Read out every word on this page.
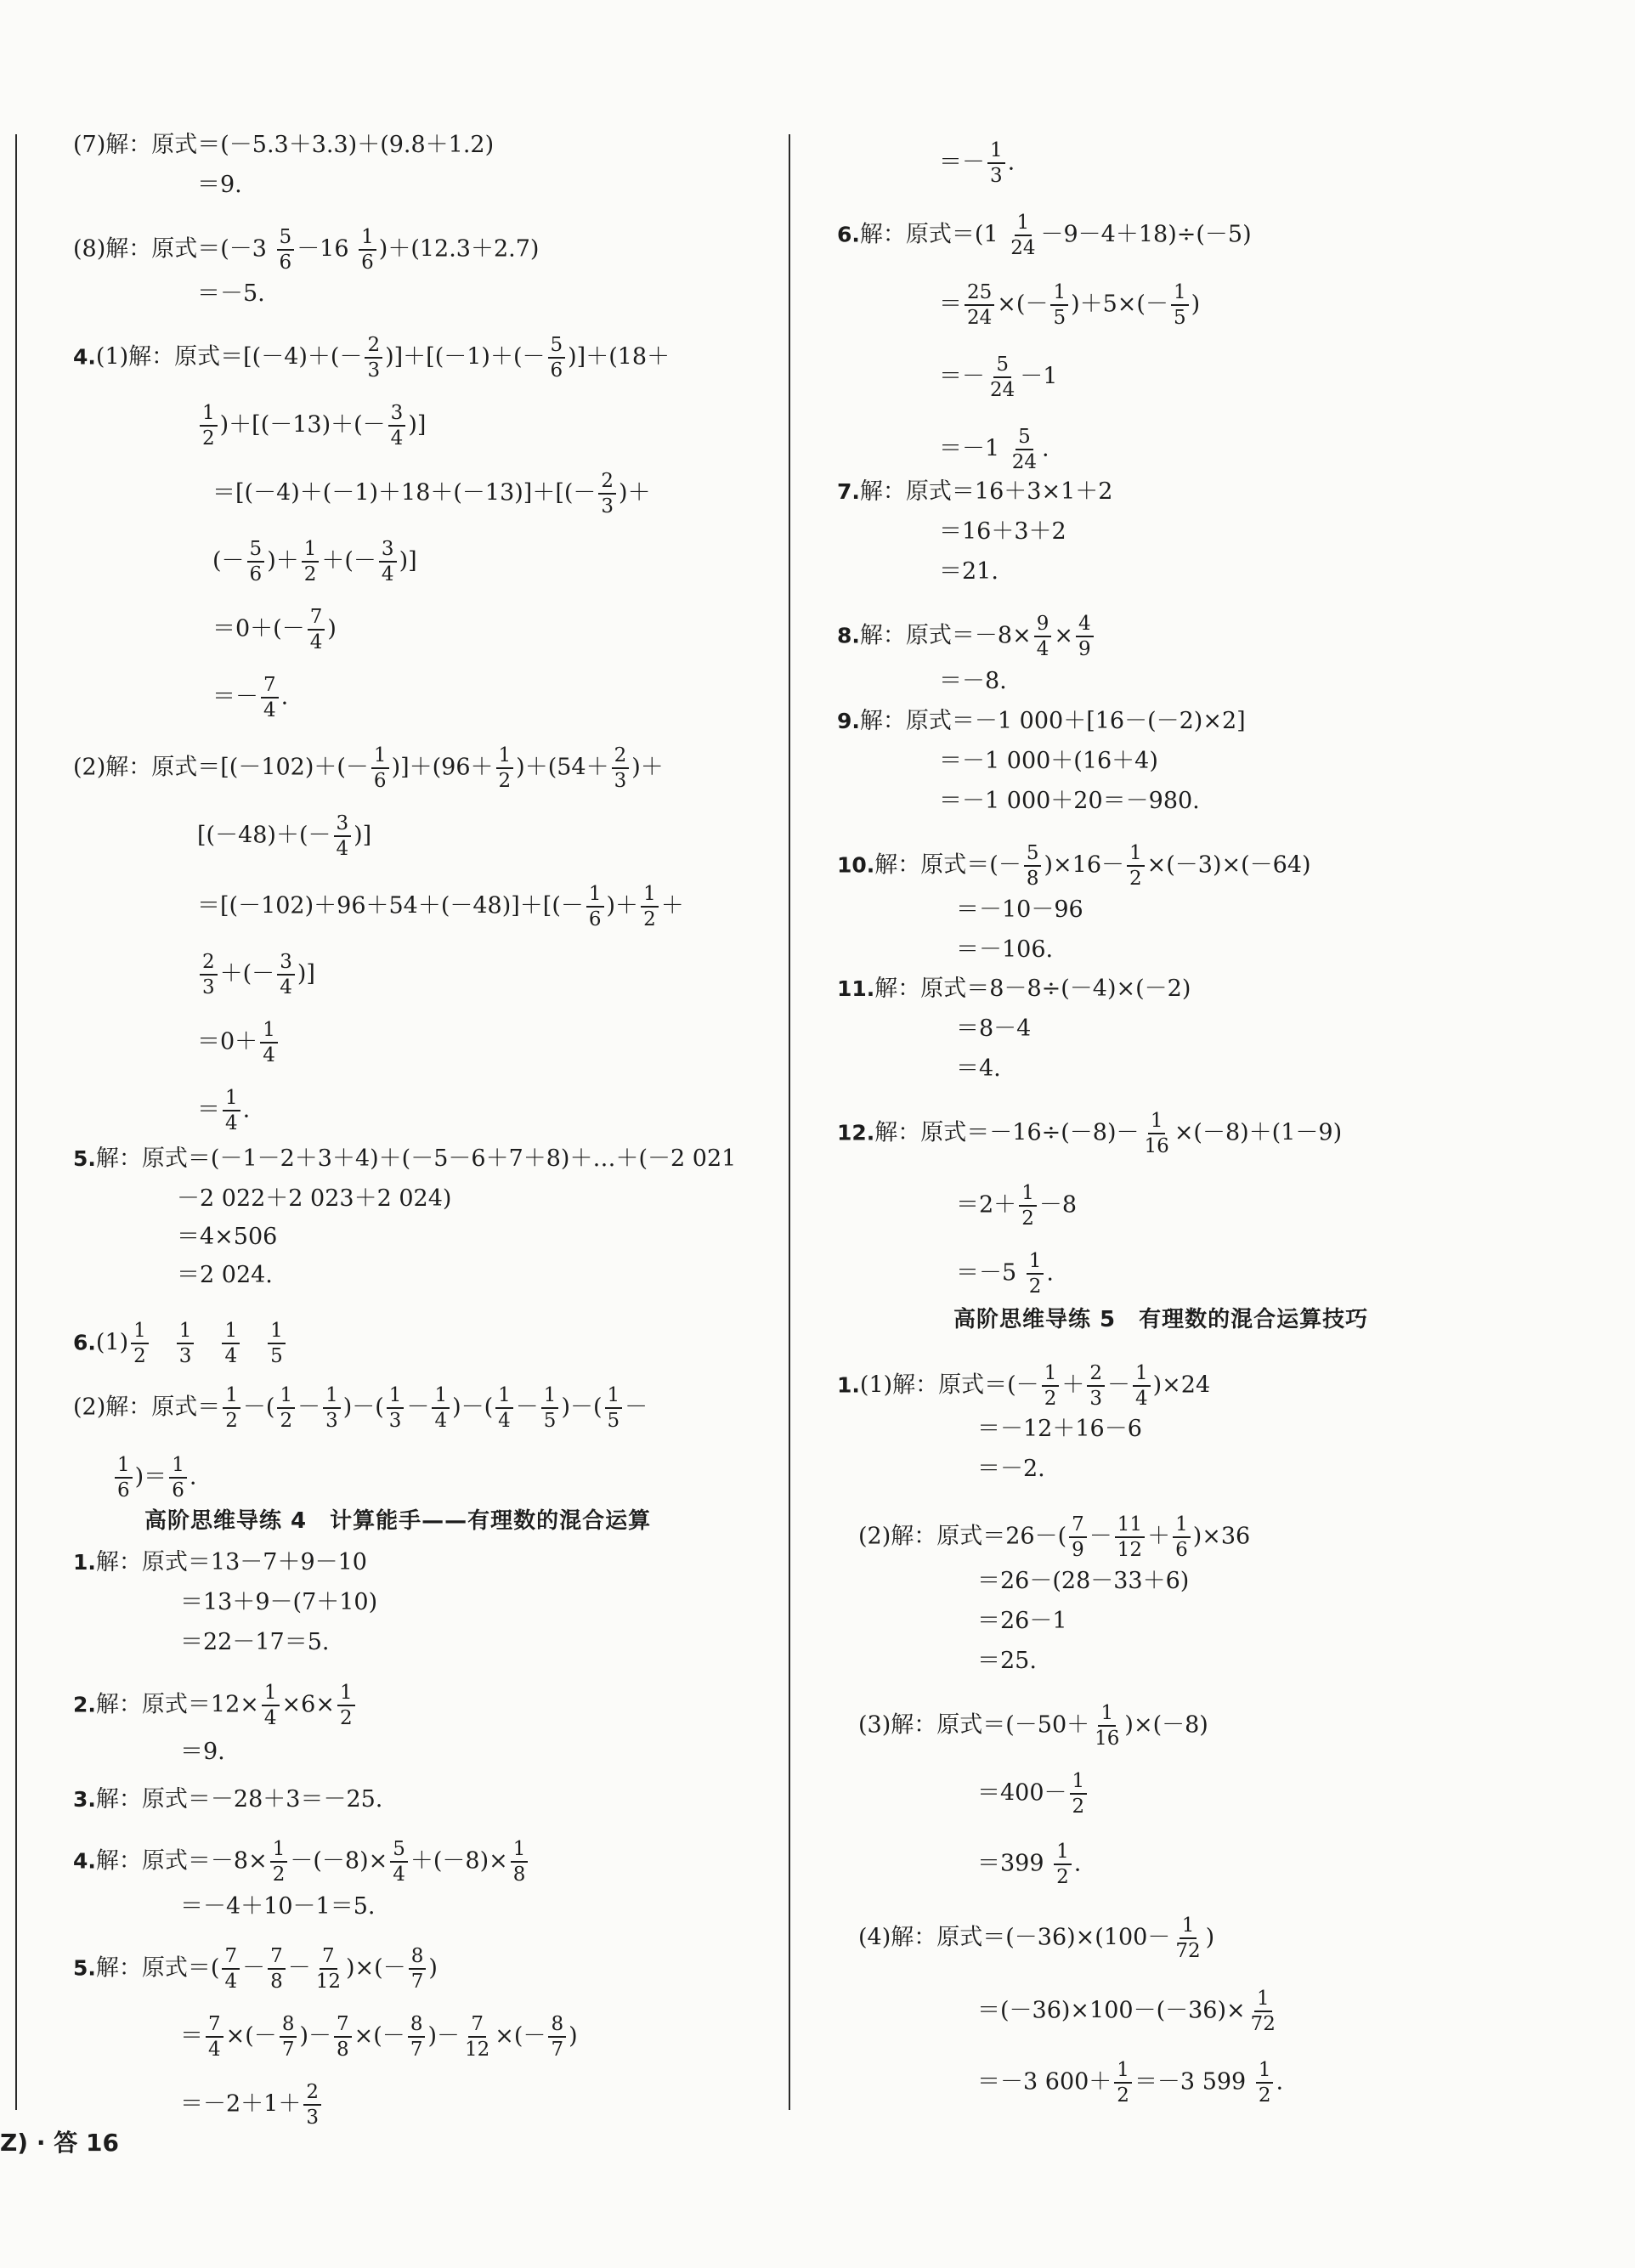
(7)解：原式＝(－5.3＋3.3)＋(9.8＋1.2)
＝9.
(8)解：原式$=(-3 \frac{5}{6} -16 \frac{1}{6} )+(12.3+2.7)$
＝－5.
4.(1)解：原式$=[(-4)+(- \frac{2}{3} )]+[(-1)+(- \frac{5}{6} )]+(18+$
$\frac{1}{2} )+[(-13)+(- \frac{3}{4}$ )]
$=[(-4)+(-1)+18+(-13)]+[(- \frac{2}{3}$ )＋
(－ $\frac{5}{6}$ )＋ $\frac{1}{2}$ ＋(－ $\frac{3}{4}$ )]
$=0+(- \frac{7}{4}$ )
＝－ $\frac{7}{4}$ .
(2)解：原式$=[(-102)+(- \frac{1}{6} )]+(96+ \frac{1}{2} )+(54+ \frac{2}{3}$ )＋
[$(-48)+(- \frac{3}{4}$ )]
$=[(-102)+96+54+(-48)]+[(- \frac{1}{6}$ )＋ $\frac{1}{2}$ ＋
$\frac{2}{3}$ ＋(－ $\frac{3}{4}$ )]
$=0+ \frac{1}{4}$
＝ $\frac{1}{4}$ .
5.解：原式＝(－1－2＋3＋4)＋(－5－6＋7＋8)＋…＋(－2 021
－2 022＋2 023＋2 024)
＝4×506
＝2 024.
$6.(1) \frac{1}{2}$
　 $\frac{1}{3}$
　 $\frac{1}{4}$
　 $\frac{1}{5}$
(2)解：原式＝ $\frac{1}{2}$ －( $\frac{1}{2} - \frac{1}{3}$ )－( $\frac{1}{3} - \frac{1}{4}$ )－( $\frac{1}{4} - \frac{1}{5}$ )－( $\frac{1}{5}$ －
$\frac{1}{6}$ )＝ $\frac{1}{6}$ .
高阶思维导练 4　计算能手——有理数的混合运算
1.解：原式＝13－7＋9－10
＝13＋9－(7＋10)
＝22－17＝5.
2.解：原式$=12\times \frac{1}{4} \times 6\times \frac{1}{2}$
＝9.
3.解：原式＝－28＋3＝－25.
4.解：原式$=-8\times \frac{1}{2} -(-8)\times \frac{5}{4} +(-8)\times \frac{1}{8}$
＝－4＋10－1＝5.
5.解：原式＝( $\frac{7}{4} - \frac{7}{8} - \frac{7}{12}$ )×(－ $\frac{8}{7}$ )
＝ $\frac{7}{4}$ ×(－ $\frac{8}{7}$ )－ $\frac{7}{8}$ ×(－ $\frac{8}{7}$ )－ $\frac{7}{12}$ ×(－ $\frac{8}{7}$ )
$=-2+1+ \frac{2}{3}$
＝－ $\frac{1}{3}$ .
6.解：原式$=(1 \frac{1}{24} -9-4+18)\div(-5)$
＝ $\frac{25}{24}$ ×(－ $\frac{1}{5} )+5\times(- \frac{1}{5}$ )
＝－ $\frac{5}{24} -1$
$=-1 \frac{5}{24}$ .
7.解：原式＝16＋3×1＋2
＝16＋3＋2
＝21.
8.解：原式$=-8\times \frac{9}{4} \times \frac{4}{9}$
＝－8.
9.解：原式＝－1 000＋[16－(－2)×2]
＝－1 000＋(16＋4)
＝－1 000＋20＝－980.
10.解：原式＝(－ $\frac{5}{8} )\times 16- \frac{1}{2} \times(-3)\times(-64)$
＝－10－96
＝－106.
11.解：原式＝8－8÷(－4)×(－2)
＝8－4
＝4.
12.解：原式$=-16\div(-8)- \frac{1}{16} \times(-8)+(1-9)$
$=2+ \frac{1}{2} -8$
$=-5 \frac{1}{2}$ .
高阶思维导练 5　有理数的混合运算技巧
1.(1)解：原式＝(－ $\frac{1}{2} + \frac{2}{3} - \frac{1}{4} )\times 24$
＝－12＋16－6
＝－2.
(2)解：原式$=26-( \frac{7}{9} - \frac{11}{12} + \frac{1}{6} )\times 36$
＝26－(28－33＋6)
＝26－1
＝25.
(3)解：原式$=(-50+ \frac{1}{16} )\times(-8)$
$=400- \frac{1}{2}$
$=399 \frac{1}{2}$ .
(4)解：原式$=(-36)\times(100- \frac{1}{72}$ )
$=(-36)\times 100-(-36)\times \frac{1}{72}$
＝－3 $600+ \frac{1}{2} =-3$ $599 \frac{1}{2}$ .
Z) · 答 16
